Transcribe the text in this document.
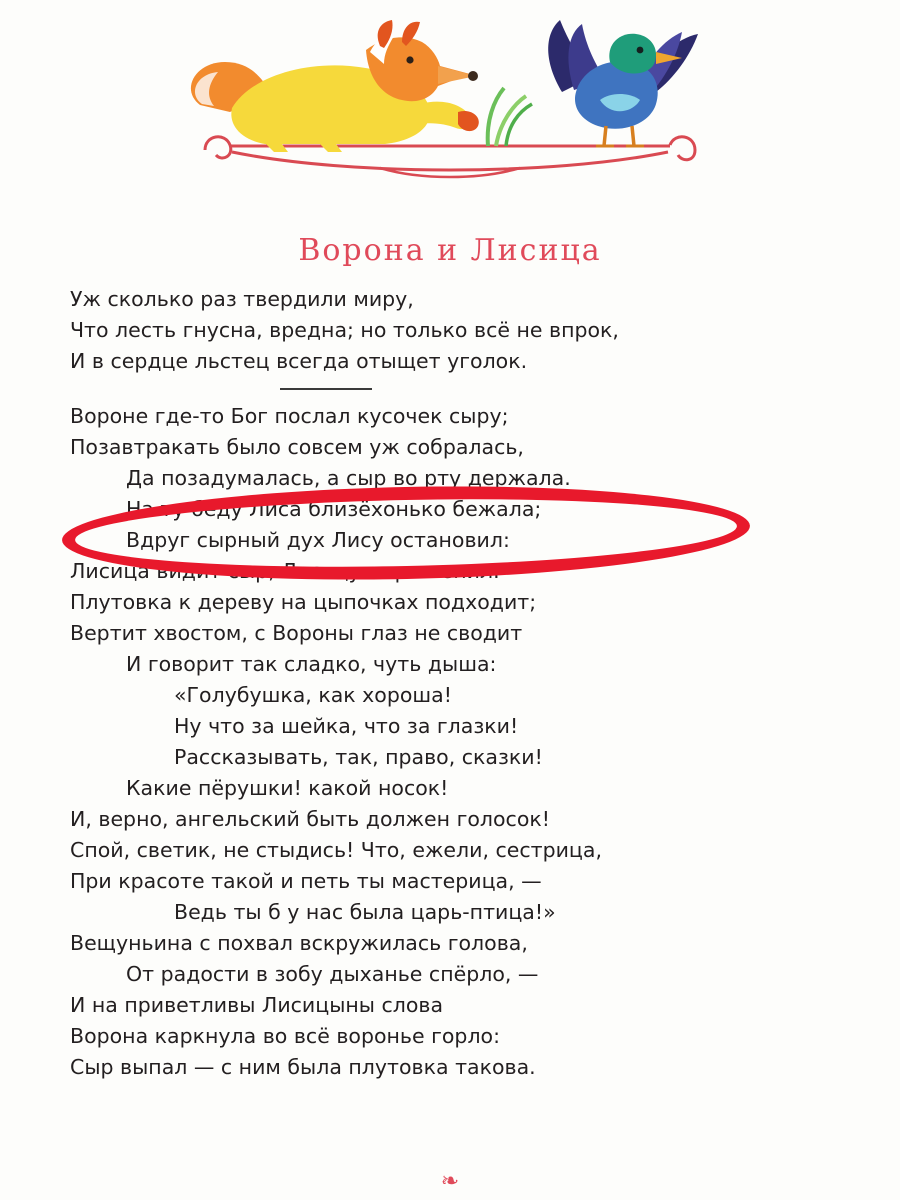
Ворона и Лисица
Уж сколько раз твердили миру,
Что лесть гнусна, вредна; но только всё не впрок,
И в сердце льстец всегда отыщет уголок.
Вороне где-то Бог послал кусочек сыру;
Позавтракать было совсем уж собралась,
Да позадумалась, а сыр во рту держала.
На ту беду Лиса близёхонько бежала;
Вдруг сырный дух Лису остановил:
Лисица видит сыр, Лисицу сыр пленил.
Плутовка к дереву на цыпочках подходит;
Вертит хвостом, с Вороны глаз не сводит
И говорит так сладко, чуть дыша:
«Голубушка, как хороша!
Ну что за шейка, что за глазки!
Рассказывать, так, право, сказки!
Какие пёрушки! какой носок!
И, верно, ангельский быть должен голосок!
Спой, светик, не стыдись! Что, ежели, сестрица,
При красоте такой и петь ты мастерица, —
Ведь ты б у нас была царь-птица!»
Вещуньина с похвал вскружилась голова,
От радости в зобу дыханье спёрло, —
И на приветливы Лисицыны слова
Ворона каркнула во всё воронье горло:
Сыр выпал — с ним была плутовка такова.
❧
